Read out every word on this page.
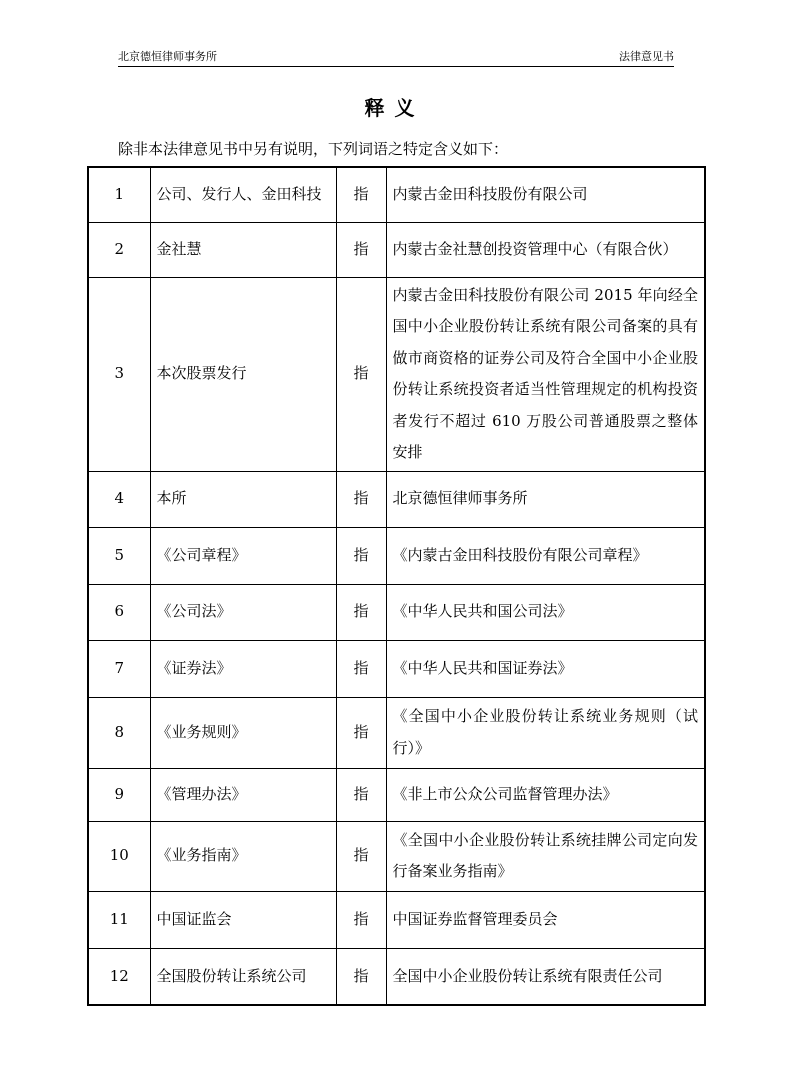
北京德恒律师事务所	法律意见书
释义
除非本法律意见书中另有说明，下列词语之特定含义如下：
1	公司、发行人、金田科技	指	内蒙古金田科技股份有限公司
2	金社慧	指	内蒙古金社慧创投资管理中心（有限合伙）
3	本次股票发行	指	内蒙古金田科技股份有限公司 2015 年向经全国中小企业股份转让系统有限公司备案的具有做市商资格的证券公司及符合全国中小企业股份转让系统投资者适当性管理规定的机构投资者发行不超过 610 万股公司普通股票之整体安排
4	本所	指	北京德恒律师事务所
5	《公司章程》	指	《内蒙古金田科技股份有限公司章程》
6	《公司法》	指	《中华人民共和国公司法》
7	《证券法》	指	《中华人民共和国证券法》
8	《业务规则》	指	《全国中小企业股份转让系统业务规则（试行）》
9	《管理办法》	指	《非上市公众公司监督管理办法》
10	《业务指南》	指	《全国中小企业股份转让系统挂牌公司定向发行备案业务指南》
11	中国证监会	指	中国证券监督管理委员会
12	全国股份转让系统公司	指	全国中小企业股份转让系统有限责任公司
